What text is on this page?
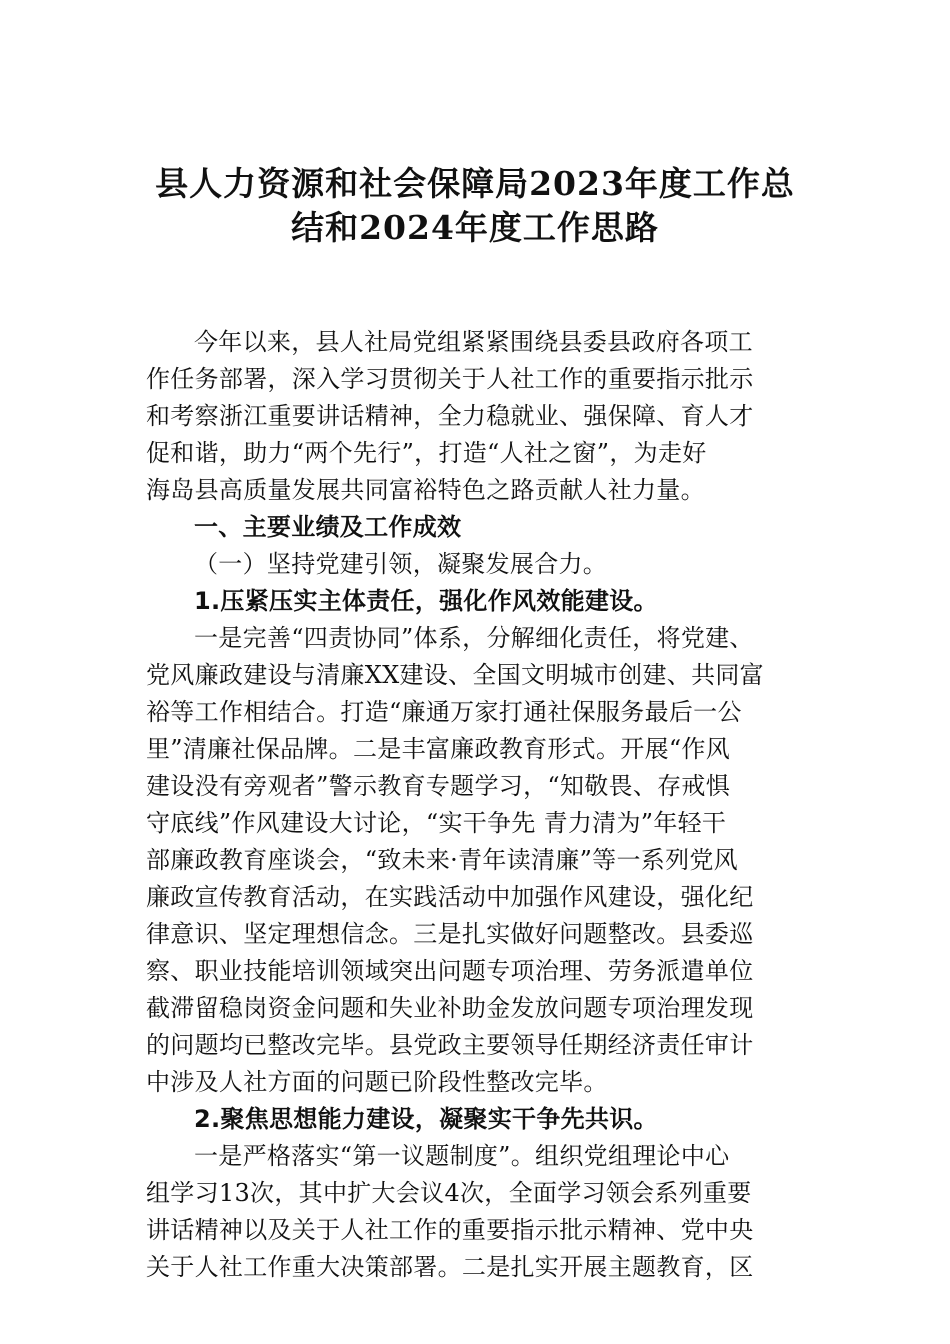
县人力资源和社会保障局2023年度工作总
结和2024年度工作思路
今年以来，县人社局党组紧紧围绕县委县政府各项工
作任务部署，深入学习贯彻关于人社工作的重要指示批示
和考察浙江重要讲话精神，全力稳就业、强保障、育人才
促和谐，助力“两个先行”，打造“人社之窗”，为走好
海岛县高质量发展共同富裕特色之路贡献人社力量。
一、主要业绩及工作成效
（一）坚持党建引领，凝聚发展合力。
1.压紧压实主体责任，强化作风效能建设。
一是完善“四责协同”体系，分解细化责任，将党建、
党风廉政建设与清廉XX建设、全国文明城市创建、共同富
裕等工作相结合。打造“廉通万家打通社保服务最后一公
里”清廉社保品牌。二是丰富廉政教育形式。开展“作风
建设没有旁观者”警示教育专题学习，“知敬畏、存戒惧
守底线”作风建设大讨论，“实干争先 青力清为”年轻干
部廉政教育座谈会，“致未来·青年读清廉”等一系列党风
廉政宣传教育活动，在实践活动中加强作风建设，强化纪
律意识、坚定理想信念。三是扎实做好问题整改。县委巡
察、职业技能培训领域突出问题专项治理、劳务派遣单位
截滞留稳岗资金问题和失业补助金发放问题专项治理发现
的问题均已整改完毕。县党政主要领导任期经济责任审计
中涉及人社方面的问题已阶段性整改完毕。
2.聚焦思想能力建设，凝聚实干争先共识。
一是严格落实“第一议题制度”。组织党组理论中心
组学习13次，其中扩大会议4次，全面学习领会系列重要
讲话精神以及关于人社工作的重要指示批示精神、党中央
关于人社工作重大决策部署。二是扎实开展主题教育，区
